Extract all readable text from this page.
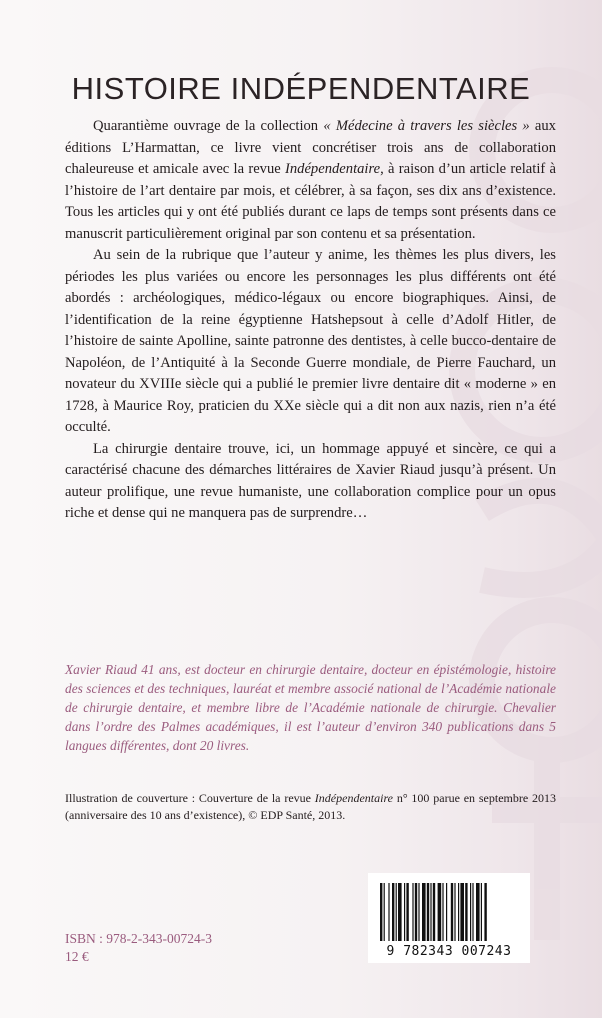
HISTOIRE INDÉPENDENTAIRE

Quarantième ouvrage de la collection « Médecine à travers les siècles » aux éditions L’Harmattan, ce livre vient concrétiser trois ans de collaboration chaleureuse et amicale avec la revue Indépendentaire, à raison d’un article relatif à l’histoire de l’art dentaire par mois, et célébrer, à sa façon, ses dix ans d’existence. Tous les articles qui y ont été publiés durant ce laps de temps sont présents dans ce manuscrit particulièrement original par son contenu et sa présentation.

Au sein de la rubrique que l’auteur y anime, les thèmes les plus divers, les périodes les plus variées ou encore les personnages les plus différents ont été abordés : archéologiques, médico-légaux ou encore biographiques. Ainsi, de l’identification de la reine égyptienne Hatshepsout à celle d’Adolf Hitler, de l’histoire de sainte Apolline, sainte patronne des dentistes, à celle bucco-dentaire de Napoléon, de l’Antiquité à la Seconde Guerre mondiale, de Pierre Fauchard, un novateur du XVIIIe siècle qui a publié le premier livre dentaire dit « moderne » en 1728, à Maurice Roy, praticien du XXe siècle qui a dit non aux nazis, rien n’a été occulté.

La chirurgie dentaire trouve, ici, un hommage appuyé et sincère, ce qui a caractérisé chacune des démarches littéraires de Xavier Riaud jusqu’à présent. Un auteur prolifique, une revue humaniste, une collaboration complice pour un opus riche et dense qui ne manquera pas de surprendre…

Xavier Riaud 41 ans, est docteur en chirurgie dentaire, docteur en épistémologie, histoire des sciences et des techniques, lauréat et membre associé national de l’Académie nationale de chirurgie dentaire, et membre libre de l’Académie nationale de chirurgie. Chevalier dans l’ordre des Palmes académiques, il est l’auteur d’environ 340 publications dans 5 langues différentes, dont 20 livres.
Illustration de couverture : Couverture de la revue Indépendentaire n° 100 parue en septembre 2013 (anniversaire des 10 ans d’existence), © EDP Santé, 2013.
ISBN : 978-2-343-00724-3
12 €	9 782343 007243
